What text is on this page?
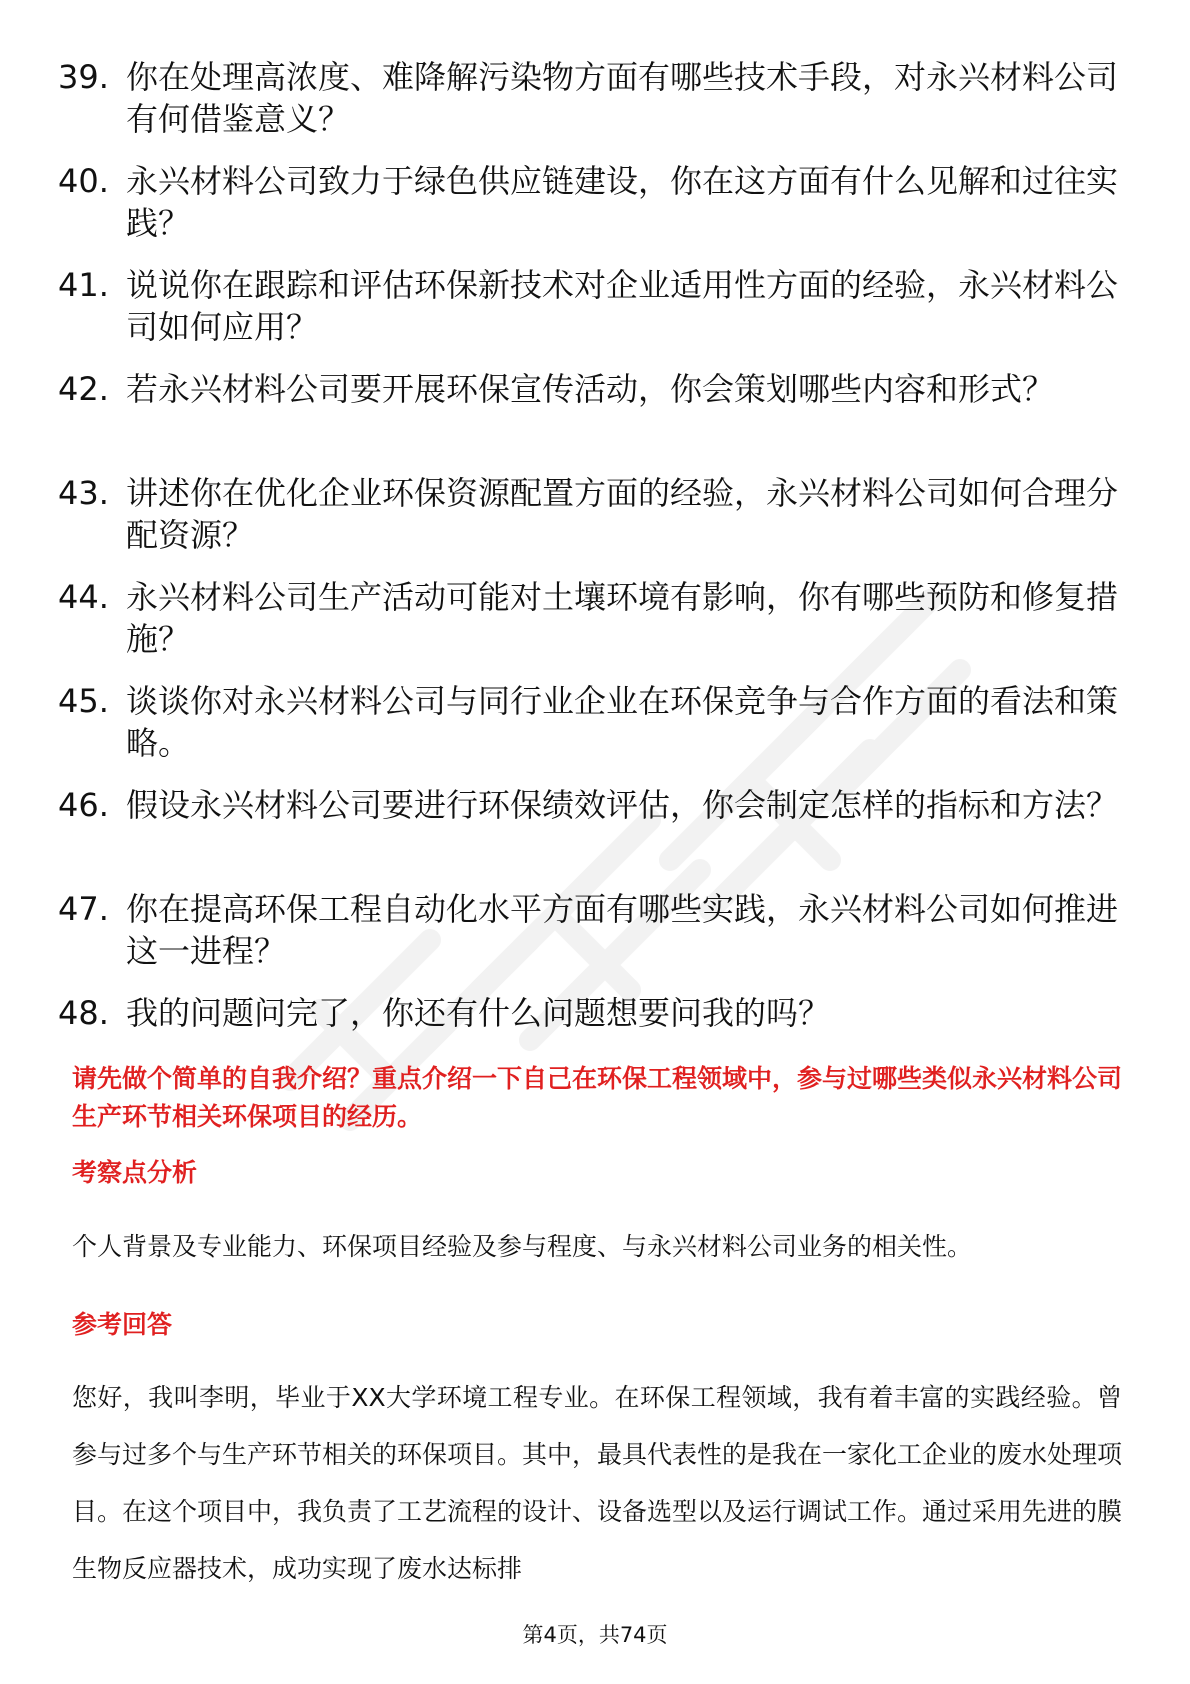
39. 你在处理高浓度、难降解污染物方面有哪些技术手段，对永兴材料公司有何借鉴意义？
40. 永兴材料公司致力于绿色供应链建设，你在这方面有什么见解和过往实践？
41. 说说你在跟踪和评估环保新技术对企业适用性方面的经验，永兴材料公司如何应用？
42. 若永兴材料公司要开展环保宣传活动，你会策划哪些内容和形式？
43. 讲述你在优化企业环保资源配置方面的经验，永兴材料公司如何合理分配资源？
44. 永兴材料公司生产活动可能对土壤环境有影响，你有哪些预防和修复措施？
45. 谈谈你对永兴材料公司与同行业企业在环保竞争与合作方面的看法和策略。
46. 假设永兴材料公司要进行环保绩效评估，你会制定怎样的指标和方法？
47. 你在提高环保工程自动化水平方面有哪些实践，永兴材料公司如何推进这一进程？
48. 我的问题问完了，你还有什么问题想要问我的吗？
请先做个简单的自我介绍？重点介绍一下自己在环保工程领域中，参与过哪些类似永兴材料公司生产环节相关环保项目的经历。
考察点分析
个人背景及专业能力、环保项目经验及参与程度、与永兴材料公司业务的相关性。
参考回答
您好，我叫李明，毕业于XX大学环境工程专业。在环保工程领域，我有着丰富的实践经验。曾参与过多个与生产环节相关的环保项目。其中，最具代表性的是我在一家化工企业的废水处理项目。在这个项目中，我负责了工艺流程的设计、设备选型以及运行调试工作。通过采用先进的膜生物反应器技术，成功实现了废水达标排
第4页，共74页
